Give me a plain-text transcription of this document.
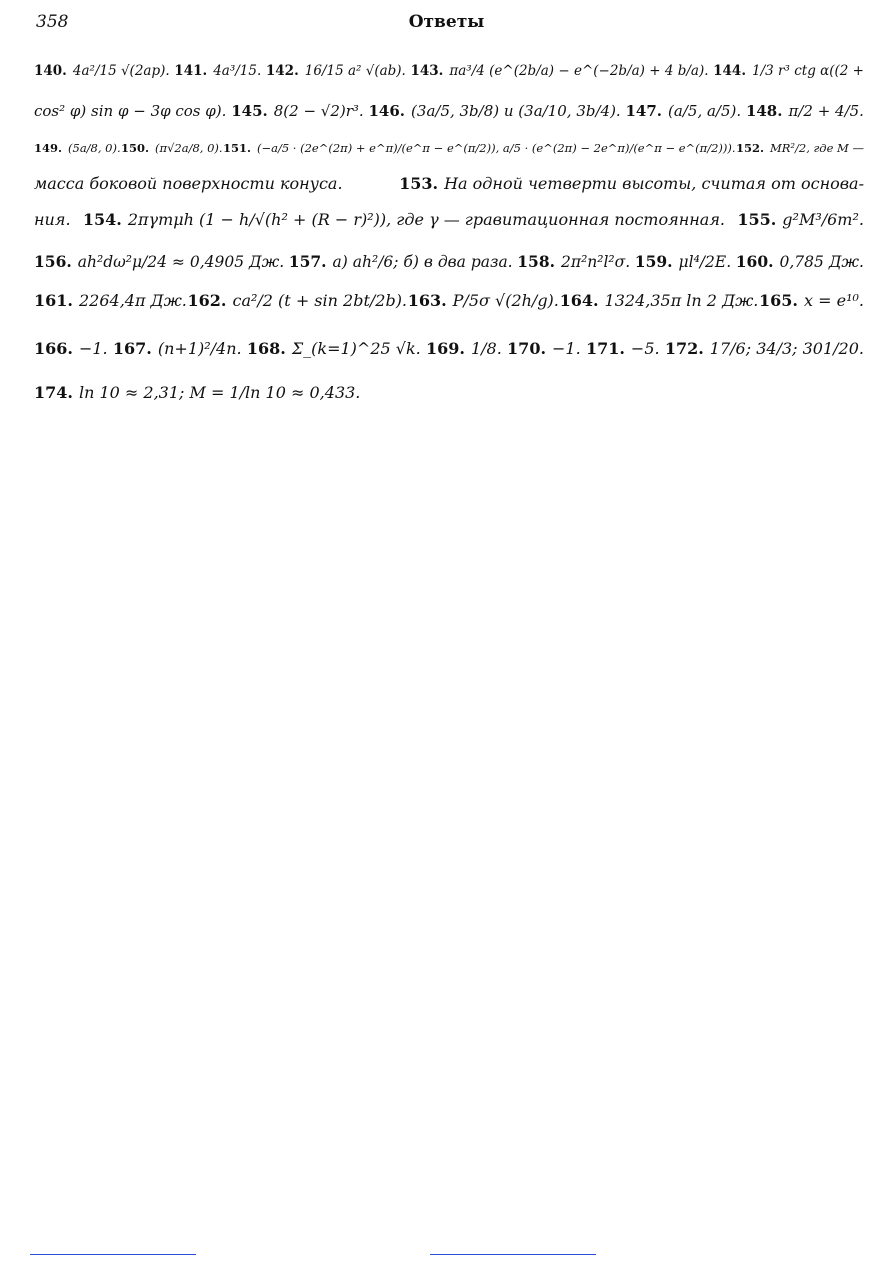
358	Ответы
140. 4a²/15 √(2ap). 141. 4a³/15. 142. 16/15 a² √(ab). 143. πa³/4 (e^(2b/a) − e^(−2b/a) + 4 b/a). 144. 1/3 r³ ctg α((2 +
cos² φ) sin φ − 3φ cos φ). 145. 8(2 − √2)r³. 146. (3a/5, 3b/8) и (3a/10, 3b/4). 147. (a/5, a/5). 148. π/2 + 4/5.
149. (5a/8, 0). 150. (π√2a/8, 0). 151. (−a/5 · (2e^(2π) + e^π)/(e^π − e^(π/2)), a/5 · (e^(2π) − 2e^π)/(e^π − e^(π/2))). 152. MR²/2, где M —
масса боковой поверхности конуса.	153. На одной четверти высоты, считая от основа-
ния. 154. 2πγmμh (1 − h/√(h² + (R − r)²)), где γ — гравитационная постоянная. 155. g²M³/6m².
156. ah²dω²μ/24 ≈ 0,4905 Дж. 157. а) ah²/6; б) в два раза. 158. 2π²n²l²σ. 159. μl⁴/2E. 160. 0,785 Дж.
161. 2264,4π Дж. 162. ca²/2 (t + sin 2bt/2b). 163. P/5σ √(2h/g). 164. 1324,35π ln 2 Дж. 165. x = e¹⁰.
166. −1. 167. (n+1)²/4n. 168. Σ_(k=1)^25 √k. 169. 1/8. 170. −1. 171. −5. 172. 17/6; 34/3; 301/20.
174. ln 10 ≈ 2,31; M = 1/ln 10 ≈ 0,433.
